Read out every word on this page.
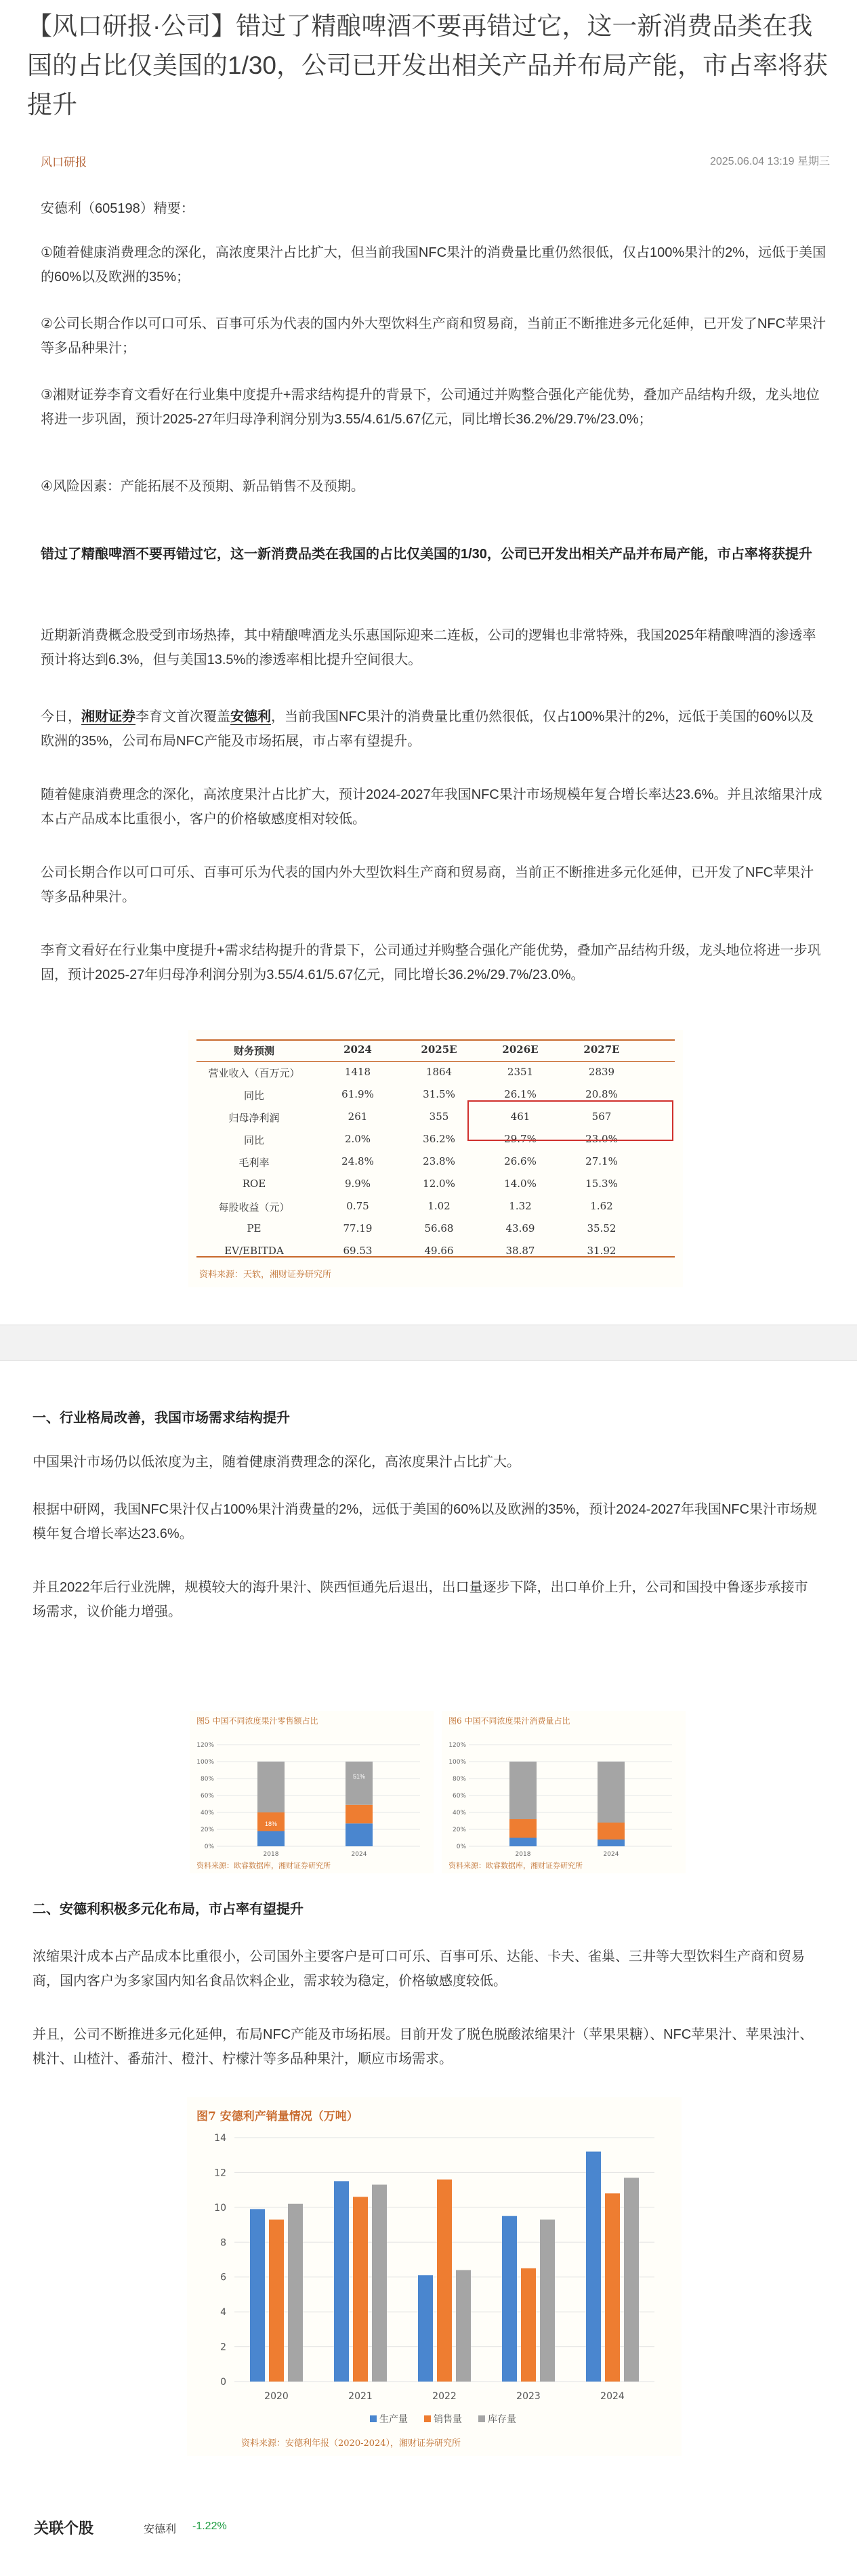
【风口研报·公司】错过了精酿啤酒不要再错过它，这一新消费品类在我国的占比仅美国的1/30，公司已开发出相关产品并布局产能，市占率将获提升
风口研报	2025.06.04 13:19 星期三

安德利（605198）精要：

①随着健康消费理念的深化，高浓度果汁占比扩大，但当前我国NFC果汁的消费量比重仍然很低，仅占100%果汁的2%，远低于美国的60%以及欧洲的35%；

②公司长期合作以可口可乐、百事可乐为代表的国内外大型饮料生产商和贸易商，当前正不断推进多元化延伸，已开发了NFC苹果汁等多品种果汁；

③湘财证券李育文看好在行业集中度提升+需求结构提升的背景下，公司通过并购整合强化产能优势，叠加产品结构升级，龙头地位将进一步巩固，预计2025-27年归母净利润分别为3.55/4.61/5.67亿元，同比增长36.2%/29.7%/23.0%；

④风险因素：产能拓展不及预期、新品销售不及预期。

错过了精酿啤酒不要再错过它，这一新消费品类在我国的占比仅美国的1/30，公司已开发出相关产品并布局产能，市占率将获提升

近期新消费概念股受到市场热捧，其中精酿啤酒龙头乐惠国际迎来二连板，公司的逻辑也非常特殊，我国2025年精酿啤酒的渗透率预计将达到6.3%，但与美国13.5%的渗透率相比提升空间很大。

今日，湘财证券李育文首次覆盖安德利，当前我国NFC果汁的消费量比重仍然很低，仅占100%果汁的2%，远低于美国的60%以及欧洲的35%，公司布局NFC产能及市场拓展，市占率有望提升。

随着健康消费理念的深化，高浓度果汁占比扩大，预计2024-2027年我国NFC果汁市场规模年复合增长率达23.6%。并且浓缩果汁成本占产品成本比重很小，客户的价格敏感度相对较低。

公司长期合作以可口可乐、百事可乐为代表的国内外大型饮料生产商和贸易商，当前正不断推进多元化延伸，已开发了NFC苹果汁等多品种果汁。

李育文看好在行业集中度提升+需求结构提升的背景下，公司通过并购整合强化产能优势，叠加产品结构升级，龙头地位将进一步巩固，预计2025-27年归母净利润分别为3.55/4.61/5.67亿元，同比增长36.2%/29.7%/23.0%。

财务预测	2024	2025E	2026E	2027E
营业收入（百万元）	1418	1864	2351	2839
同比	61.9%	31.5%	26.1%	20.8%
归母净利润	261	355	461	567
同比	2.0%	36.2%	29.7%	23.0%
毛利率	24.8%	23.8%	26.6%	27.1%
ROE	9.9%	12.0%	14.0%	15.3%
每股收益（元）	0.75	1.02	1.32	1.62
PE	77.19	56.68	43.69	35.52
EV/EBITDA	69.53	49.66	38.87	31.92
资料来源：天软，湘财证券研究所

一、行业格局改善，我国市场需求结构提升

中国果汁市场仍以低浓度为主，随着健康消费理念的深化，高浓度果汁占比扩大。

根据中研网，我国NFC果汁仅占100%果汁消费量的2%，远低于美国的60%以及欧洲的35%，预计2024-2027年我国NFC果汁市场规模年复合增长率达23.6%。

并且2022年后行业洗牌，规模较大的海升果汁、陕西恒通先后退出，出口量逐步下降，出口单价上升，公司和国投中鲁逐步承接市场需求，议价能力增强。

图5 中国不同浓度果汁零售额占比
120%
100%
80%
60%
40%
20%
0%
2018	2024
18%
51%
资料来源：欧睿数据库，湘财证券研究所
图6 中国不同浓度果汁消费量占比
120%
100%
80%
60%
40%
20%
0%
2018	2024
资料来源：欧睿数据库，湘财证券研究所

二、安德利积极多元化布局，市占率有望提升

浓缩果汁成本占产品成本比重很小，公司国外主要客户是可口可乐、百事可乐、达能、卡夫、雀巢、三井等大型饮料生产商和贸易商，国内客户为多家国内知名食品饮料企业，需求较为稳定，价格敏感度较低。

并且，公司不断推进多元化延伸，布局NFC产能及市场拓展。目前开发了脱色脱酸浓缩果汁（苹果果糖）、NFC苹果汁、苹果浊汁、桃汁、山楂汁、番茄汁、橙汁、柠檬汁等多品种果汁，顺应市场需求。

图7 安德利产销量情况（万吨）
0
2
4
6
8
10
12
14
2020	2021	2022	2023	2024
生产量	销售量	库存量
资料来源：安德利年报（2020-2024），湘财证券研究所
关联个股	安德利 -1.22%
